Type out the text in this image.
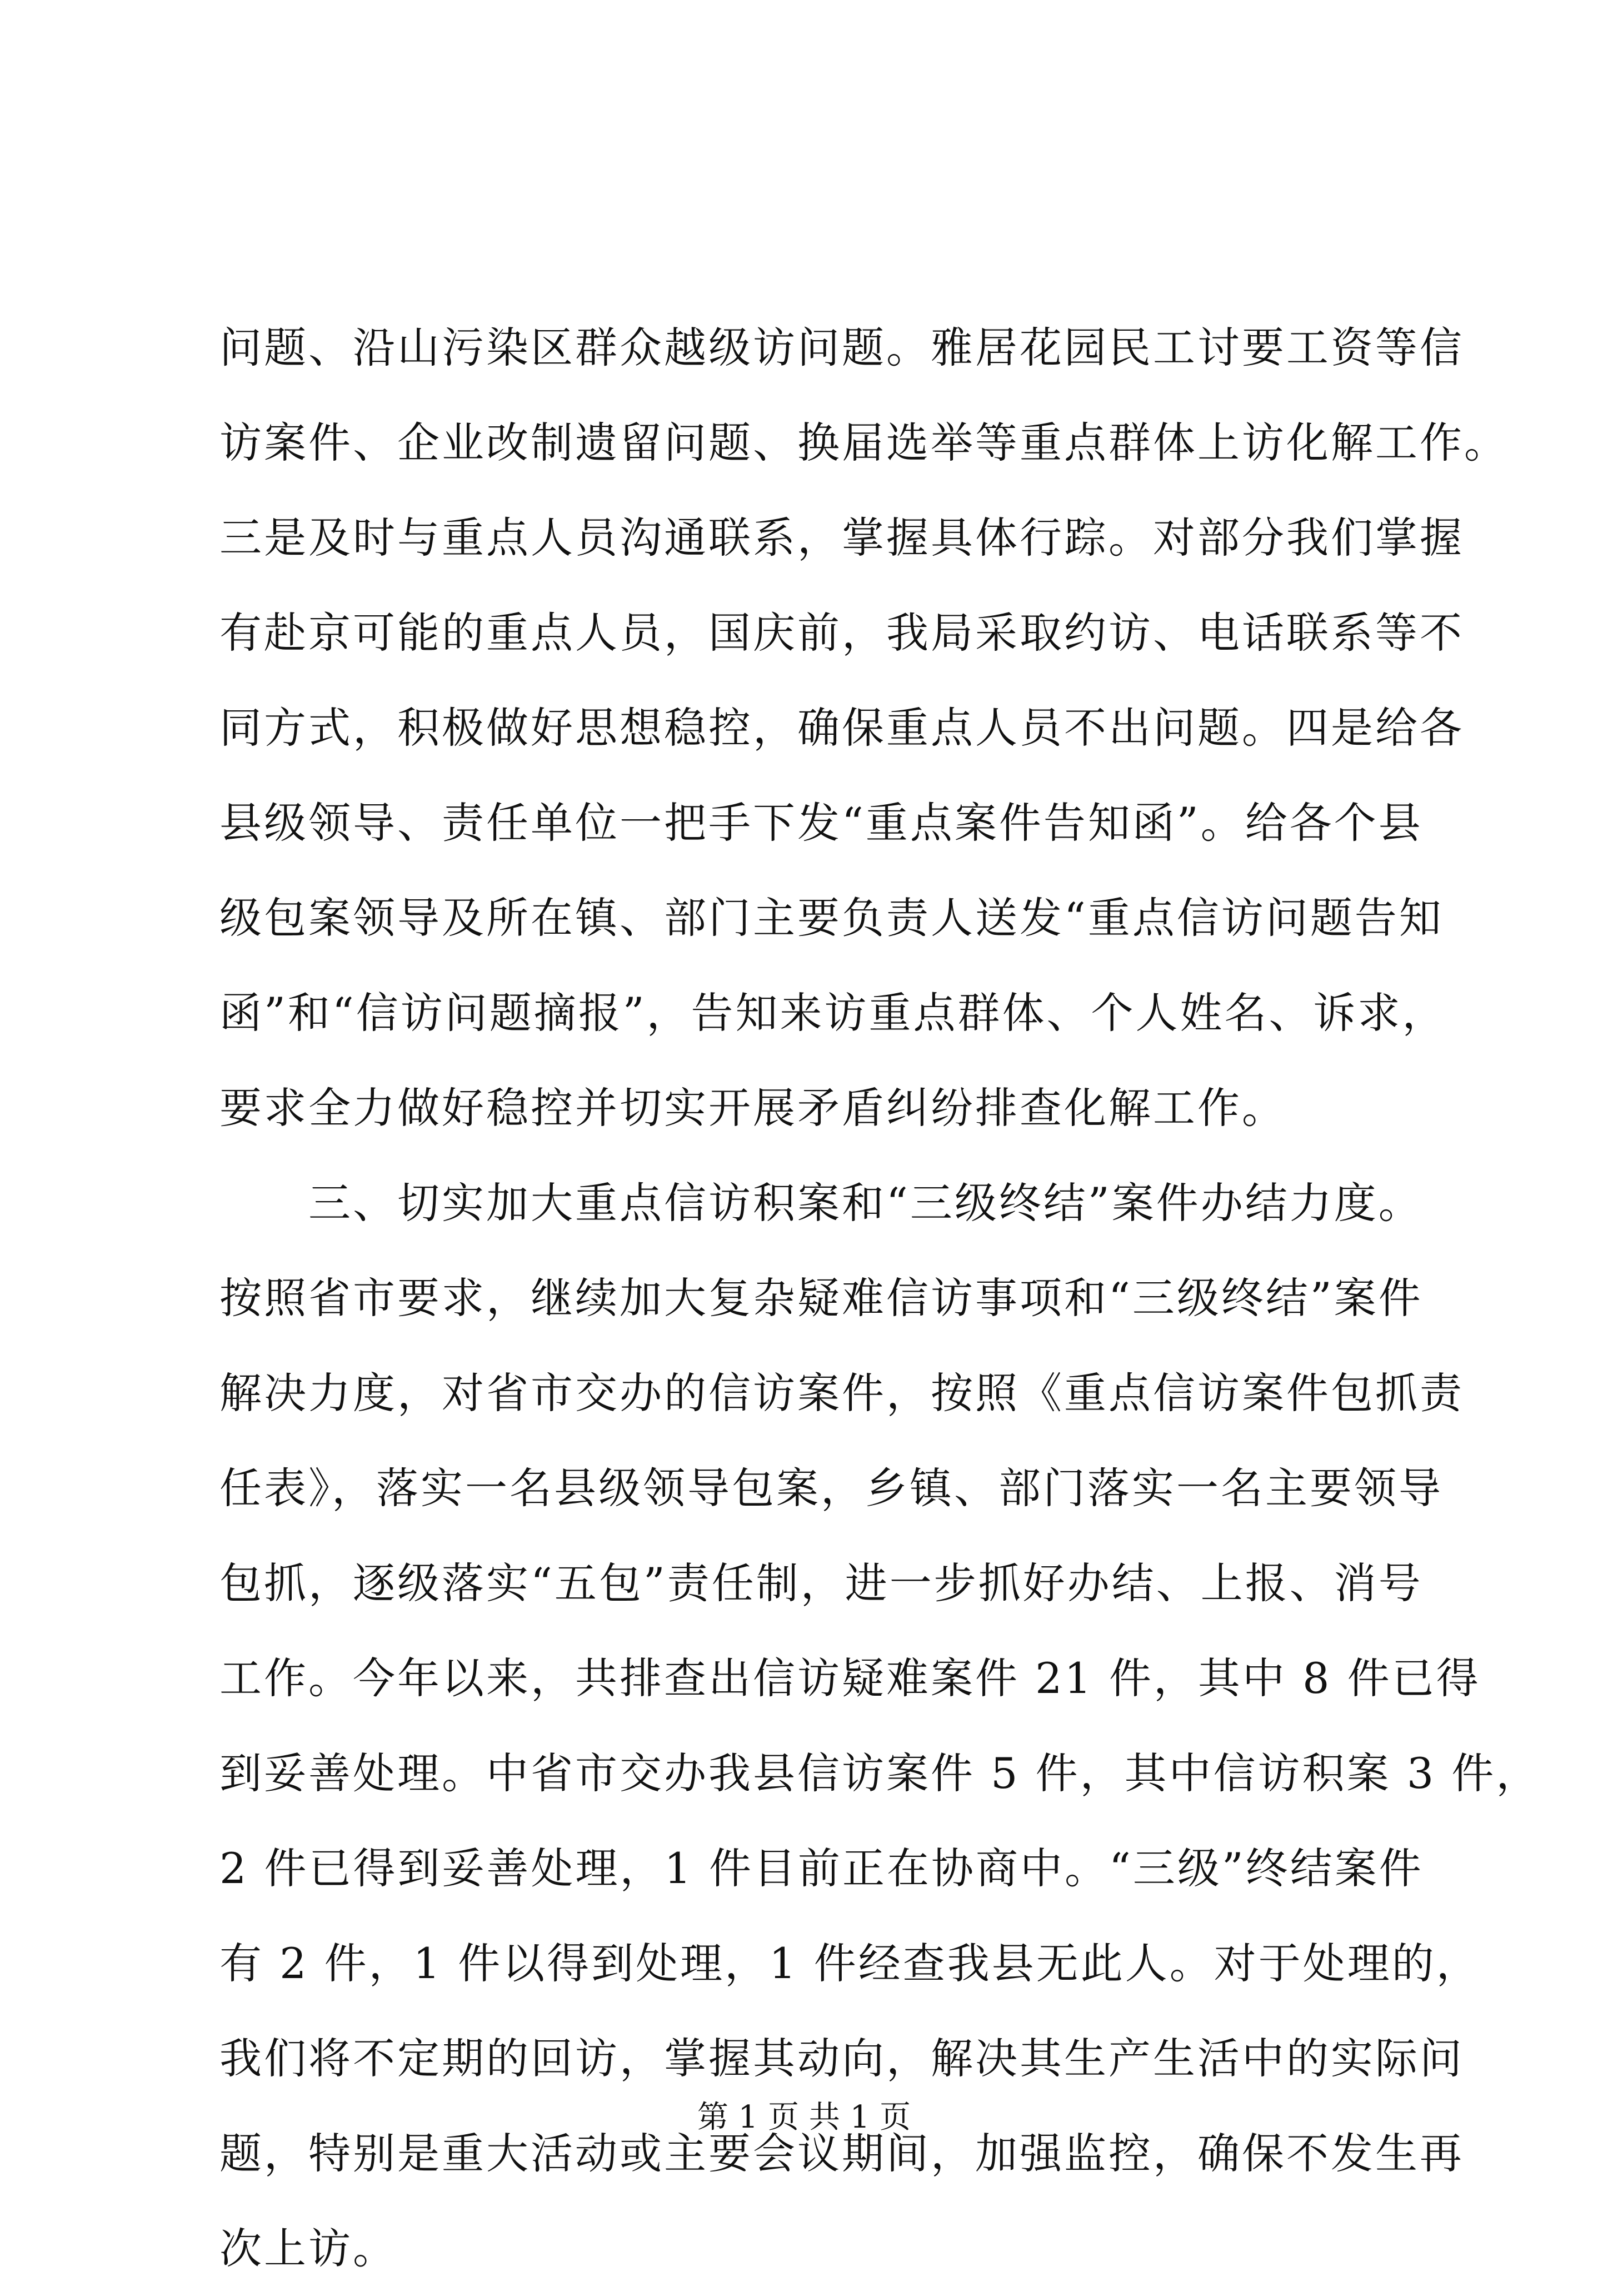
问题、沿山污染区群众越级访问题。雅居花园民工讨要工资等信
访案件、企业改制遗留问题、换届选举等重点群体上访化解工作。
三是及时与重点人员沟通联系，掌握具体行踪。对部分我们掌握
有赴京可能的重点人员，国庆前，我局采取约访、电话联系等不
同方式，积极做好思想稳控，确保重点人员不出问题。四是给各
县级领导、责任单位一把手下发“重点案件告知函”。给各个县
级包案领导及所在镇、部门主要负责人送发“重点信访问题告知
函”和“信访问题摘报”，告知来访重点群体、个人姓名、诉求，
要求全力做好稳控并切实开展矛盾纠纷排查化解工作。
三、切实加大重点信访积案和“三级终结”案件办结力度。
按照省市要求，继续加大复杂疑难信访事项和“三级终结”案件
解决力度，对省市交办的信访案件，按照《重点信访案件包抓责
任表》，落实一名县级领导包案，乡镇、部门落实一名主要领导
包抓，逐级落实“五包”责任制，进一步抓好办结、上报、消号
工作。今年以来，共排查出信访疑难案件 21 件，其中 8 件已得
到妥善处理。中省市交办我县信访案件 5 件，其中信访积案 3 件，
2 件已得到妥善处理，1 件目前正在协商中。“三级”终结案件
有 2 件，1 件以得到处理，1 件经查我县无此人。对于处理的，
我们将不定期的回访，掌握其动向，解决其生产生活中的实际问
题，特别是重大活动或主要会议期间，加强监控，确保不发生再
次上访。
第 1 页 共 1 页
